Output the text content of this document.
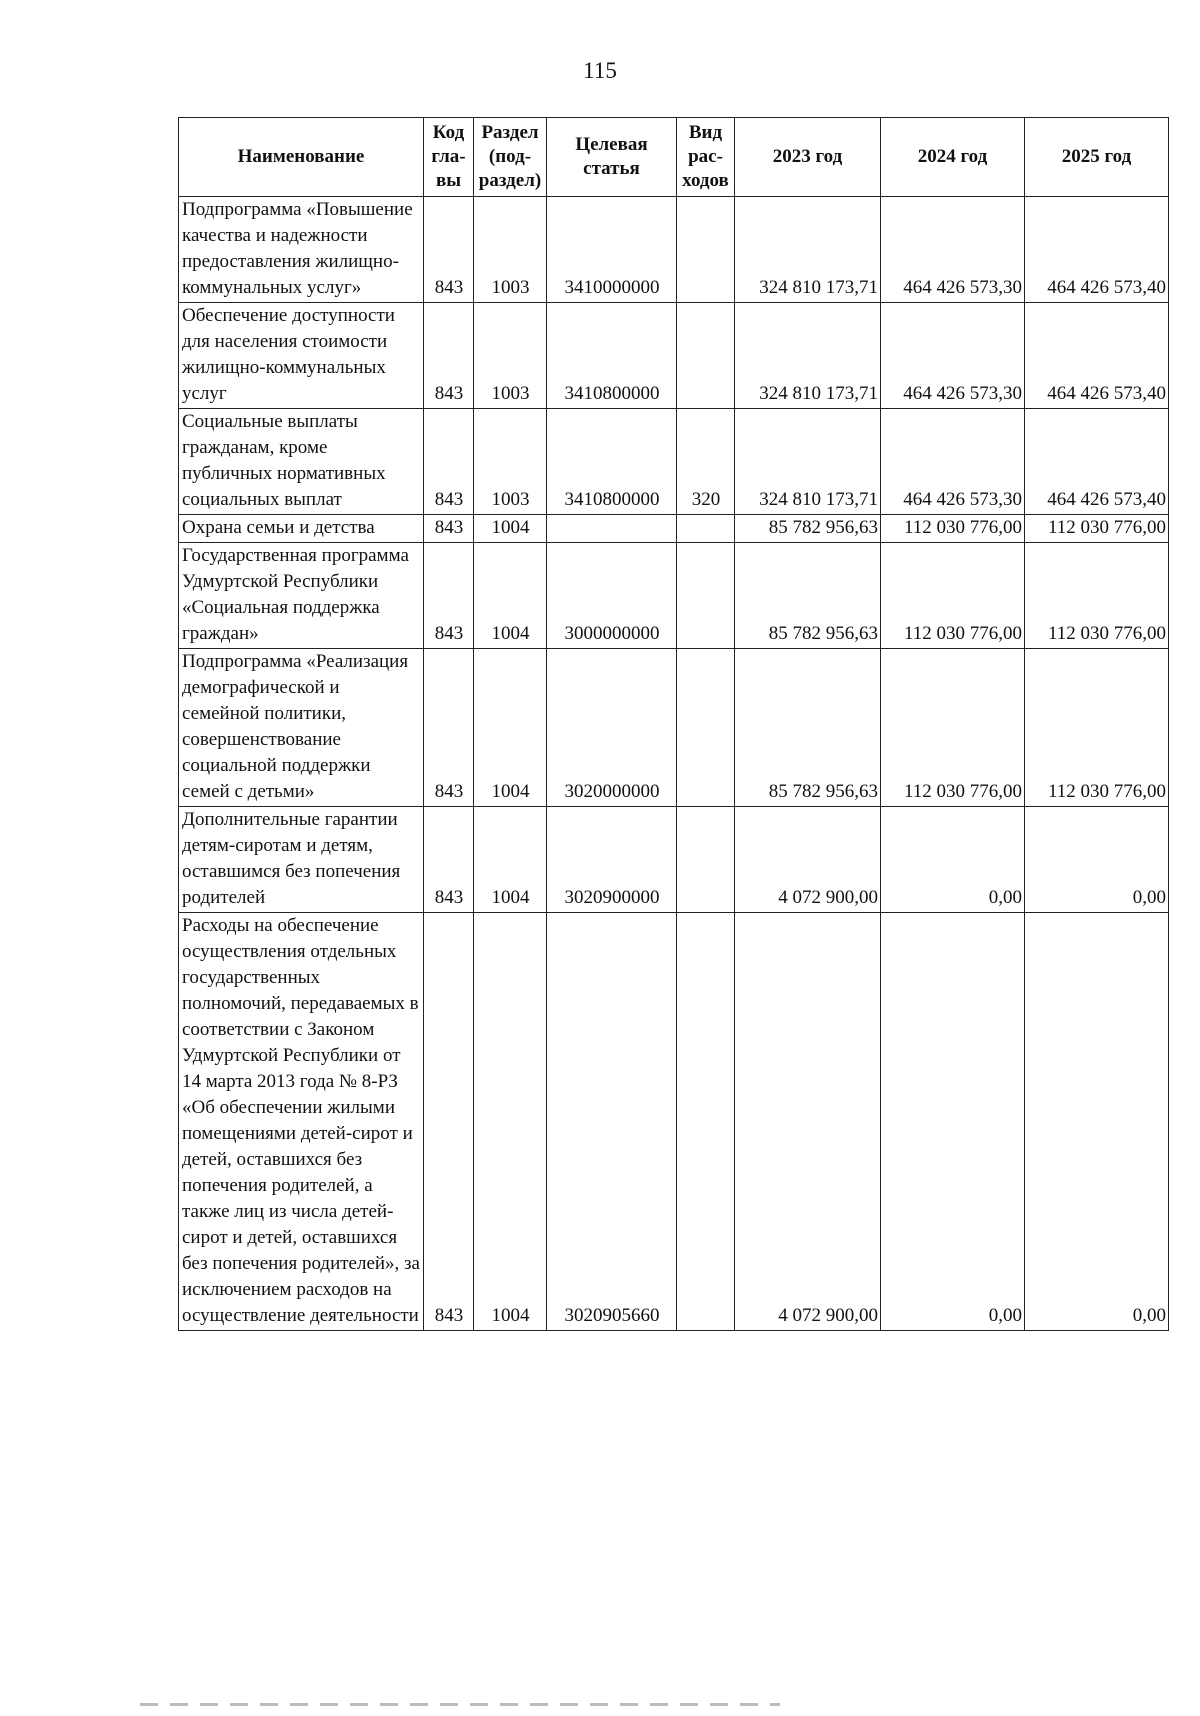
115
Наименование	Код гла-вы	Раздел (под-раздел)	Целевая статья	Вид рас-ходов	2023 год	2024 год	2025 год
Подпрограмма «Повышение качества и надежности предоставления жилищно-коммунальных услуг»	843	1003	3410000000		324 810 173,71	464 426 573,30	464 426 573,40
Обеспечение доступности для населения стоимости жилищно-коммунальных услуг	843	1003	3410800000		324 810 173,71	464 426 573,30	464 426 573,40
Социальные выплаты гражданам, кроме публичных нормативных социальных выплат	843	1003	3410800000	320	324 810 173,71	464 426 573,30	464 426 573,40
Охрана семьи и детства	843	1004			85 782 956,63	112 030 776,00	112 030 776,00
Государственная программа Удмуртской Республики «Социальная поддержка граждан»	843	1004	3000000000		85 782 956,63	112 030 776,00	112 030 776,00
Подпрограмма «Реализация демографической и семейной политики, совершенствование социальной поддержки семей с детьми»	843	1004	3020000000		85 782 956,63	112 030 776,00	112 030 776,00
Дополнительные гарантии детям-сиротам и детям, оставшимся без попечения родителей	843	1004	3020900000		4 072 900,00	0,00	0,00
Расходы на обеспечение осуществления отдельных государственных полномочий, передаваемых в соответствии с Законом Удмуртской Республики от 14 марта 2013 года № 8-РЗ «Об обеспечении жилыми помещениями детей-сирот и детей, оставшихся без попечения родителей, а также лиц из числа детей-сирот и детей, оставшихся без попечения родителей», за исключением расходов на осуществление деятельности	843	1004	3020905660		4 072 900,00	0,00	0,00
